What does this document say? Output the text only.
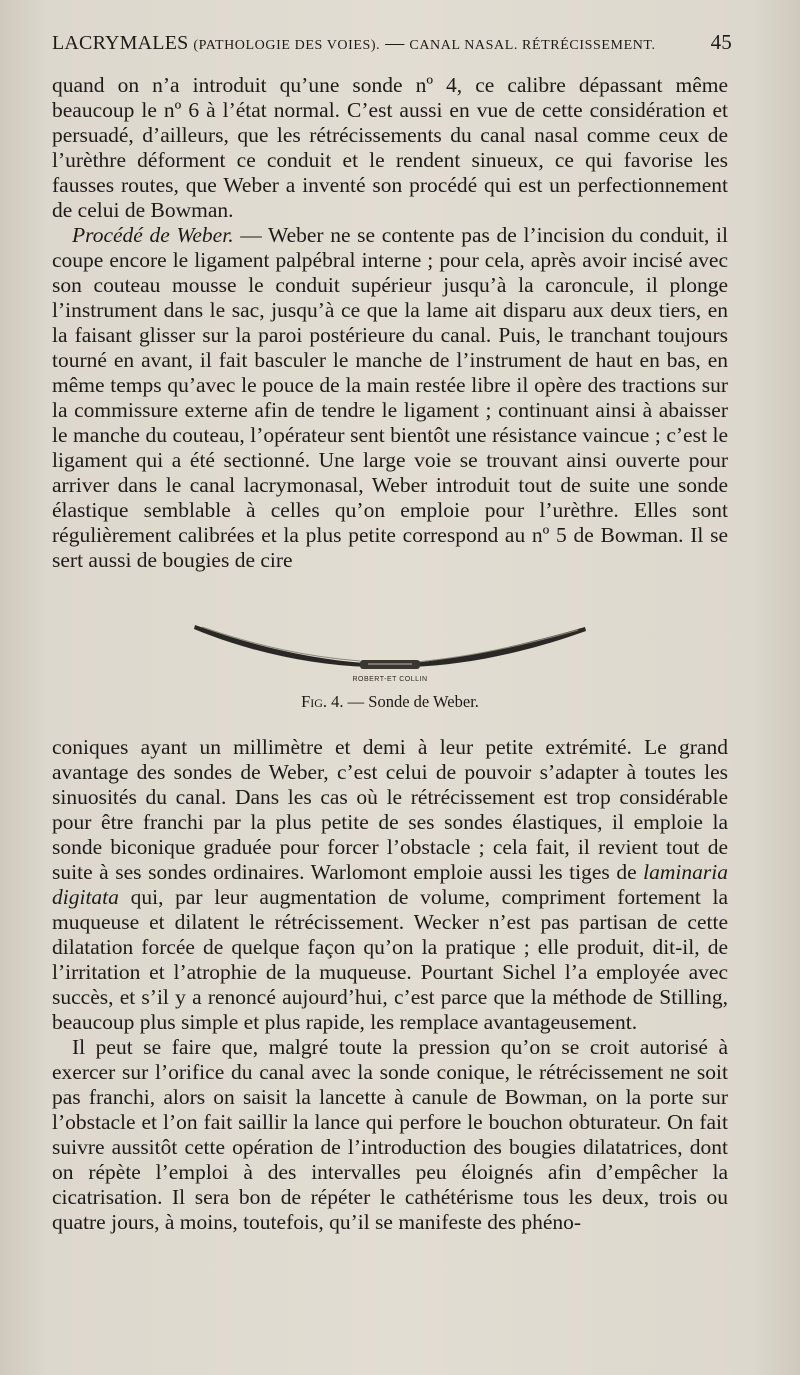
LACRYMALES (PATHOLOGIE DES VOIES). — CANAL NASAL. RÉTRÉCISSEMENT.	45

quand on n’a introduit qu’une sonde nº 4, ce calibre dépassant même beaucoup le nº 6 à l’état normal. C’est aussi en vue de cette considération et persuadé, d’ailleurs, que les rétrécissements du canal nasal comme ceux de l’urèthre déforment ce conduit et le rendent sinueux, ce qui favorise les fausses routes, que Weber a inventé son procédé qui est un perfectionnement de celui de Bowman.

Procédé de Weber. — Weber ne se contente pas de l’incision du conduit, il coupe encore le ligament palpébral interne ; pour cela, après avoir incisé avec son couteau mousse le conduit supérieur jusqu’à la caroncule, il plonge l’instrument dans le sac, jusqu’à ce que la lame ait disparu aux deux tiers, en la faisant glisser sur la paroi postérieure du canal. Puis, le tranchant toujours tourné en avant, il fait basculer le manche de l’instrument de haut en bas, en même temps qu’avec le pouce de la main restée libre il opère des tractions sur la commissure externe afin de tendre le ligament ; continuant ainsi à abaisser le manche du couteau, l’opérateur sent bientôt une résistance vaincue ; c’est le ligament qui a été sectionné. Une large voie se trouvant ainsi ouverte pour arriver dans le canal lacrymonasal, Weber introduit tout de suite une sonde élastique semblable à celles qu’on emploie pour l’urèthre. Elles sont régulièrement calibrées et la plus petite correspond au nº 5 de Bowman. Il se sert aussi de bougies de cire

ROBERT-ET COLLIN
Fig. 4. — Sonde de Weber.

coniques ayant un millimètre et demi à leur petite extrémité. Le grand avantage des sondes de Weber, c’est celui de pouvoir s’adapter à toutes les sinuosités du canal. Dans les cas où le rétrécissement est trop considérable pour être franchi par la plus petite de ses sondes élastiques, il emploie la sonde biconique graduée pour forcer l’obstacle ; cela fait, il revient tout de suite à ses sondes ordinaires. Warlomont emploie aussi les tiges de laminaria digitata qui, par leur augmentation de volume, compriment fortement la muqueuse et dilatent le rétrécissement. Wecker n’est pas partisan de cette dilatation forcée de quelque façon qu’on la pratique ; elle produit, dit-il, de l’irritation et l’atrophie de la muqueuse. Pourtant Sichel l’a employée avec succès, et s’il y a renoncé aujourd’hui, c’est parce que la méthode de Stilling, beaucoup plus simple et plus rapide, les remplace avantageusement.

Il peut se faire que, malgré toute la pression qu’on se croit autorisé à exercer sur l’orifice du canal avec la sonde conique, le rétrécissement ne soit pas franchi, alors on saisit la lancette à canule de Bowman, on la porte sur l’obstacle et l’on fait saillir la lance qui perfore le bouchon obturateur. On fait suivre aussitôt cette opération de l’introduction des bougies dilatatrices, dont on répète l’emploi à des intervalles peu éloignés afin d’empêcher la cicatrisation. Il sera bon de répéter le cathétérisme tous les deux, trois ou quatre jours, à moins, toutefois, qu’il se manifeste des phéno-
